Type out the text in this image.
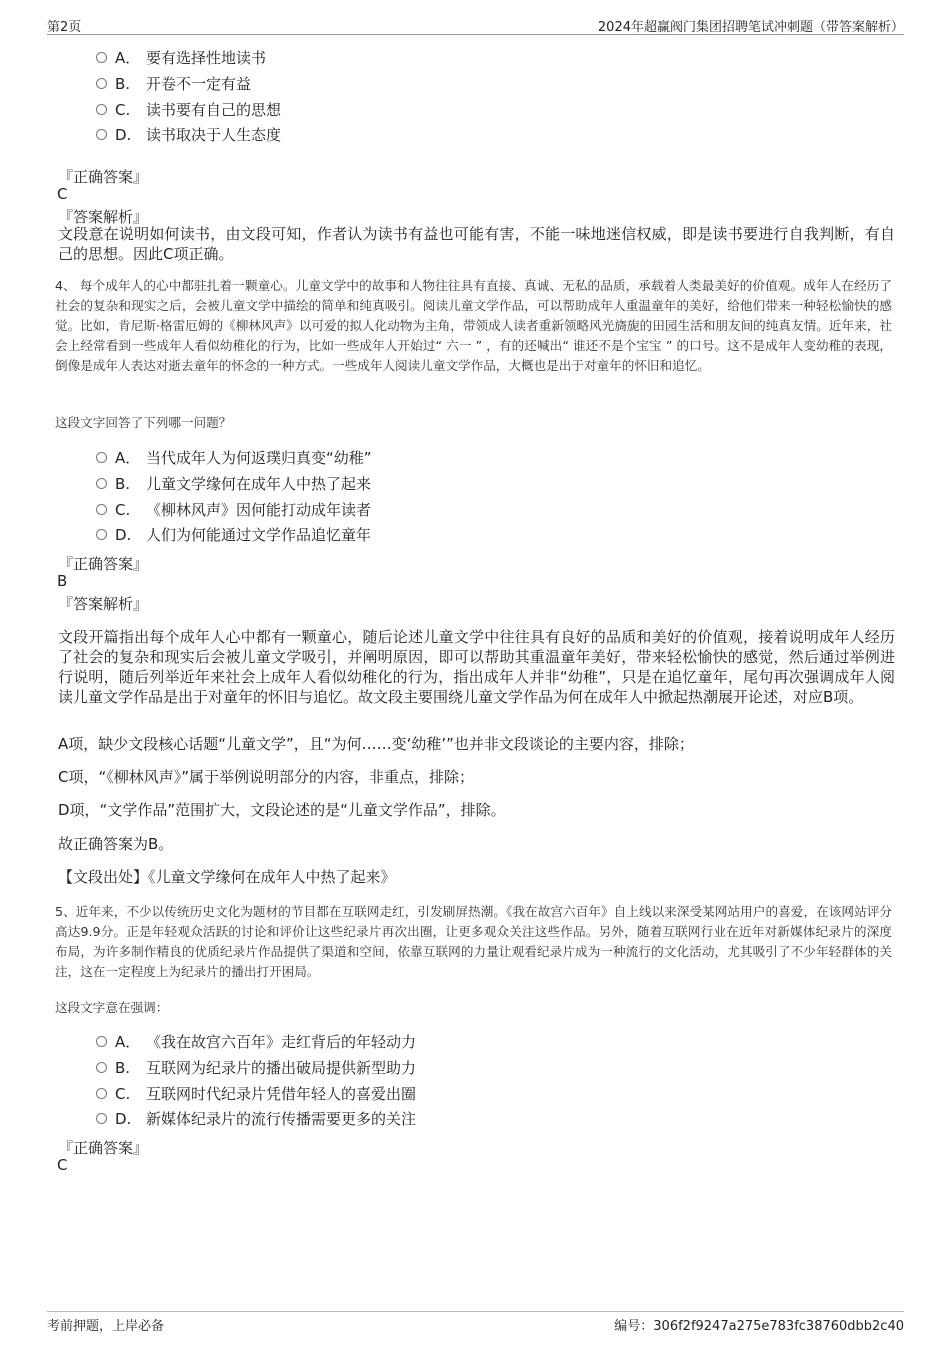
第2页	2024年超赢阀门集团招聘笔试冲刺题（带答案解析）
A． 要有选择性地读书
B. 开卷不一定有益
C. 读书要有自己的思想
D. 读书取决于人生态度
『正确答案』
C
『答案解析』
文段意在说明如何读书，由文段可知，作者认为读书有益也可能有害，不能一味地迷信权威，即是读书要进行自我判断，有自己的思想。因此C项正确。
4、 每个成年人的心中都驻扎着一颗童心。儿童文学中的故事和人物往往具有直接、真诚、无私的品质，承载着人类最美好的价值观。成年人在经历了社会的复杂和现实之后，会被儿童文学中描绘的简单和纯真吸引。阅读儿童文学作品，可以帮助成年人重温童年的美好，给他们带来一种轻松愉快的感觉。比如，肯尼斯·格雷厄姆的《柳林风声》以可爱的拟人化动物为主角，带领成人读者重新领略风光旖旎的田园生活和朋友间的纯真友情。近年来，社会上经常看到一些成年人看似幼稚化的行为，比如一些成年人开始过“ 六一 ” ，有的还喊出“ 谁还不是个宝宝 ” 的口号。这不是成年人变幼稚的表现，倒像是成年人表达对逝去童年的怀念的一种方式。一些成年人阅读儿童文学作品，大概也是出于对童年的怀旧和追忆。
这段文字回答了下列哪一问题？
A． 当代成年人为何返璞归真变“幼稚”
B. 儿童文学缘何在成年人中热了起来
C. 《柳林风声》因何能打动成年读者
D. 人们为何能通过文学作品追忆童年
『正确答案』
B
『答案解析』
文段开篇指出每个成年人心中都有一颗童心，随后论述儿童文学中往往具有良好的品质和美好的价值观，接着说明成年人经历了社会的复杂和现实后会被儿童文学吸引，并阐明原因，即可以帮助其重温童年美好，带来轻松愉快的感觉，然后通过举例进行说明，随后列举近年来社会上成年人看似幼稚化的行为，指出成年人并非“幼稚”，只是在追忆童年，尾句再次强调成年人阅读儿童文学作品是出于对童年的怀旧与追忆。故文段主要围绕儿童文学作品为何在成年人中掀起热潮展开论述，对应B项。
A项，缺少文段核心话题“儿童文学”，且“为何……变‘幼稚’”也并非文段谈论的主要内容，排除；
C项，“《柳林风声》”属于举例说明部分的内容，非重点，排除；
D项，“文学作品”范围扩大，文段论述的是“儿童文学作品”，排除。
故正确答案为B。
【文段出处】《儿童文学缘何在成年人中热了起来》
5、近年来，不少以传统历史文化为题材的节目都在互联网走红，引发刷屏热潮。《我在故宫六百年》自上线以来深受某网站用户的喜爱，在该网站评分高达9.9分。正是年轻观众活跃的讨论和评价让这些纪录片再次出圈，让更多观众关注这些作品。另外，随着互联网行业在近年对新媒体纪录片的深度布局，为许多制作精良的优质纪录片作品提供了渠道和空间，依靠互联网的力量让观看纪录片成为一种流行的文化活动，尤其吸引了不少年轻群体的关注，这在一定程度上为纪录片的播出打开困局。
这段文字意在强调：
A． 《我在故宫六百年》走红背后的年轻动力
B. 互联网为纪录片的播出破局提供新型助力
C. 互联网时代纪录片凭借年轻人的喜爱出圈
D. 新媒体纪录片的流行传播需要更多的关注
『正确答案』
C
考前押题，上岸必备	编号：306f2f9247a275e783fc38760dbb2c40
